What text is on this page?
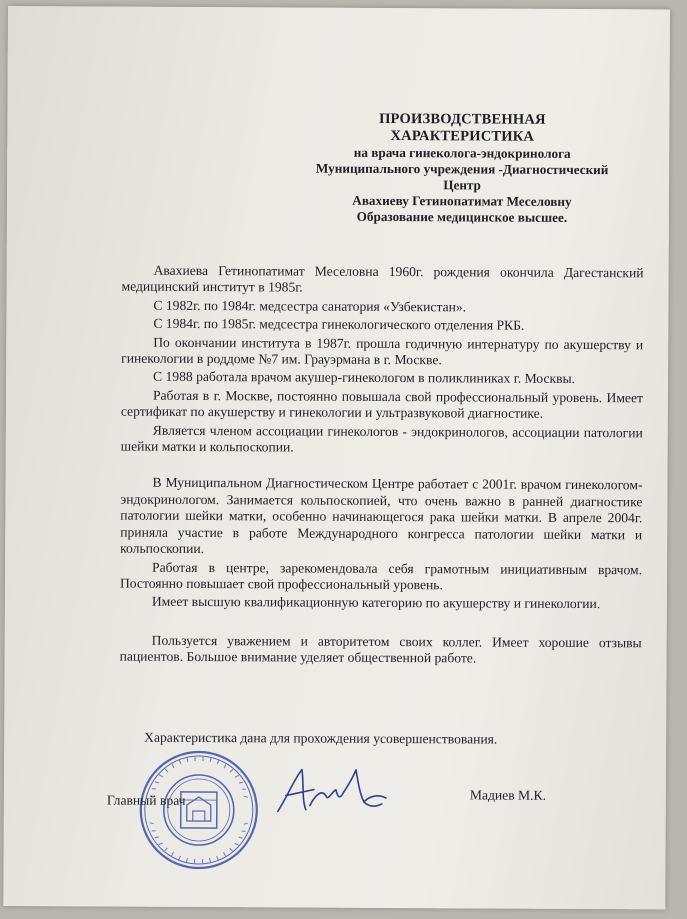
ПРОИЗВОДСТВЕННАЯ
ХАРАКТЕРИСТИКА
на врача гинеколога-эндокринолога
Муниципального учреждения -Диагностический
Центр
Авахиеву Гетинопатимат Меселовну
Образование медицинское высшее.

Авахиева Гетинопатимат Меселовна 1960г. рождения окончила Дагестанский медицинский институт в 1985г.

С 1982г. по 1984г. медсестра санатория «Узбекистан».

С 1984г. по 1985г. медсестра гинекологического отделения РКБ.

По окончании института в 1987г. прошла годичную интернатуру по акушерству и гинекологии в роддоме №7 им. Грауэрмана в г. Москве.

С 1988 работала врачом акушер-гинекологом в поликлиниках г. Москвы.

Работая в г. Москве, постоянно повышала свой профессиональный уровень. Имеет сертификат по акушерству и гинекологии и ультразвуковой диагностике.

Является членом ассоциации гинекологов - эндокринологов, ассоциации патологии шейки матки и кольпоскопии.

В Муниципальном Диагностическом Центре работает с 2001г. врачом гинекологом-эндокринологом. Занимается кольпоскопией, что очень важно в ранней диагностике патологии шейки матки, особенно начинающегося рака шейки матки. В апреле 2004г. приняла участие в работе Международного конгресса патологии шейки матки и кольпоскопии.

Работая в центре, зарекомендовала себя грамотным инициативным врачом. Постоянно повышает свой профессиональный уровень.

Имеет высшую квалификационную категорию по акушерству и гинекологии.

Пользуется уважением и авторитетом своих коллег. Имеет хорошие отзывы пациентов. Большое внимание уделяет общественной работе.

Характеристика дана для прохождения усовершенствования.
Главный врач	Мадиев М.К.
